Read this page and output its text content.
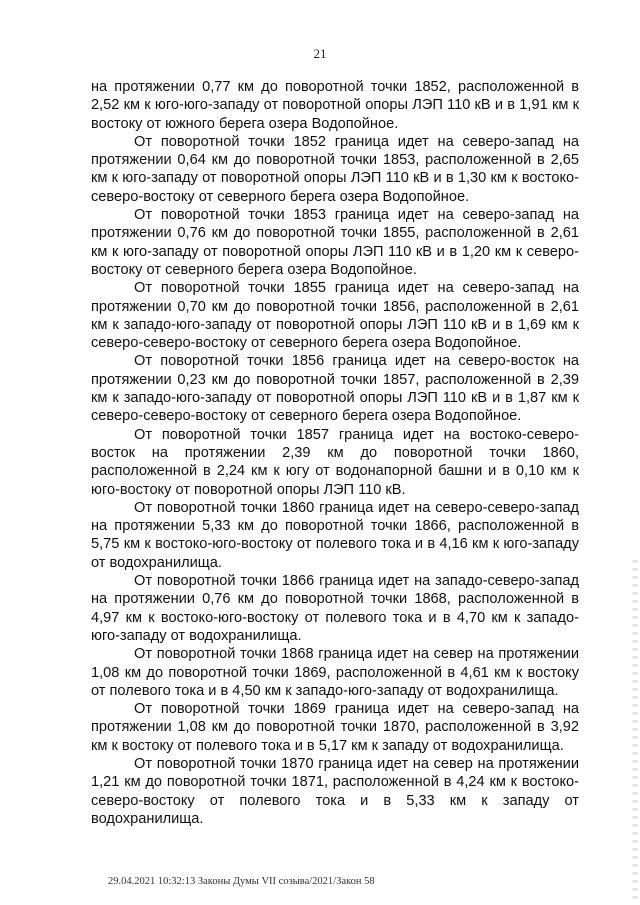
21

на протяжении 0,77 км до поворотной точки 1852, расположенной в 2,52 км к юго-юго-западу от поворотной опоры ЛЭП 110 кВ и в 1,91 км к востоку от южного берега озера Водопойное.

От поворотной точки 1852 граница идет на северо-запад на протяжении 0,64 км до поворотной точки 1853, расположенной в 2,65 км к юго-западу от поворотной опоры ЛЭП 110 кВ и в 1,30 км к востоко-северо-востоку от северного берега озера Водопойное.

От поворотной точки 1853 граница идет на северо-запад на протяжении 0,76 км до поворотной точки 1855, расположенной в 2,61 км к юго-западу от поворотной опоры ЛЭП 110 кВ и в 1,20 км к северо-востоку от северного берега озера Водопойное.

От поворотной точки 1855 граница идет на северо-запад на протяжении 0,70 км до поворотной точки 1856, расположенной в 2,61 км к западо-юго-западу от поворотной опоры ЛЭП 110 кВ и в 1,69 км к северо-северо-востоку от северного берега озера Водопойное.

От поворотной точки 1856 граница идет на северо-восток на протяжении 0,23 км до поворотной точки 1857, расположенной в 2,39 км к западо-юго-западу от поворотной опоры ЛЭП 110 кВ и в 1,87 км к северо-северо-востоку от северного берега озера Водопойное.

От поворотной точки 1857 граница идет на востоко-северо-восток на протяжении 2,39 км до поворотной точки 1860, расположенной в 2,24 км к югу от водонапорной башни и в 0,10 км к юго-востоку от поворотной опоры ЛЭП 110 кВ.

От поворотной точки 1860 граница идет на северо-северо-запад на протяжении 5,33 км до поворотной точки 1866, расположенной в 5,75 км к востоко-юго-востоку от полевого тока и в 4,16 км к юго-западу от водохранилища.

От поворотной точки 1866 граница идет на западо-северо-запад на протяжении 0,76 км до поворотной точки 1868, расположенной в 4,97 км к востоко-юго-востоку от полевого тока и в 4,70 км к западо-юго-западу от водохранилища.

От поворотной точки 1868 граница идет на север на протяжении 1,08 км до поворотной точки 1869, расположенной в 4,61 км к востоку от полевого тока и в 4,50 км к западо-юго-западу от водохранилища.

От поворотной точки 1869 граница идет на северо-запад на протяжении 1,08 км до поворотной точки 1870, расположенной в 3,92 км к востоку от полевого тока и в 5,17 км к западу от водохранилища.

От поворотной точки 1870 граница идет на север на протяжении 1,21 км до поворотной точки 1871, расположенной в 4,24 км к востоко-северо-востоку от полевого тока и в 5,33 км к западу от водохранилища.

29.04.2021 10:32:13 Законы Думы VII созыва/2021/Закон 58
